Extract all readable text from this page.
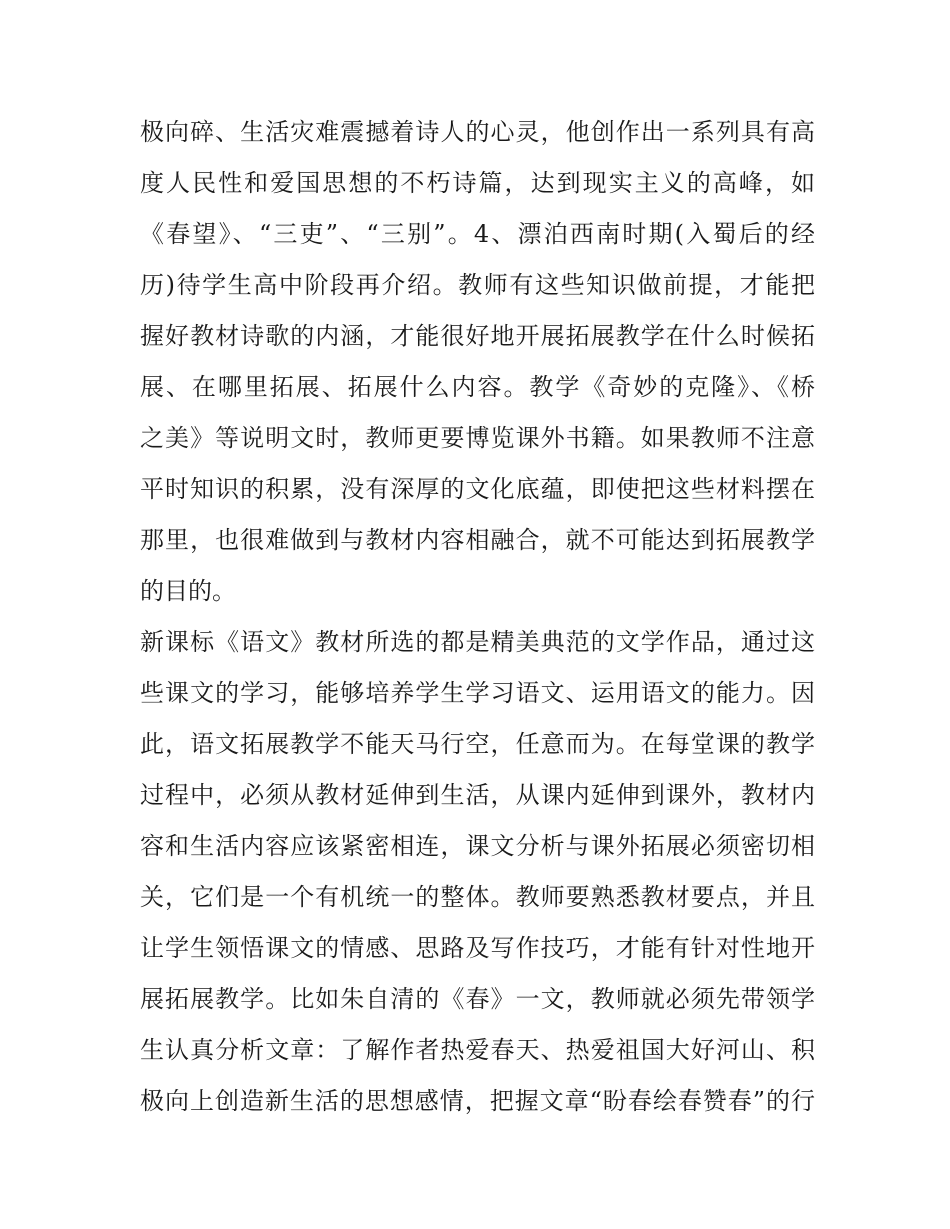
极向碎、生活灾难震撼着诗人的心灵，他创作出一系列具有高
度人民性和爱国思想的不朽诗篇，达到现实主义的高峰，如
《春望》、“三吏”、“三别”。4、漂泊西南时期(入蜀后的经
历)待学生高中阶段再介绍。教师有这些知识做前提，才能把
握好教材诗歌的内涵，才能很好地开展拓展教学在什么时候拓
展、在哪里拓展、拓展什么内容。教学《奇妙的克隆》、《桥
之美》等说明文时，教师更要博览课外书籍。如果教师不注意
平时知识的积累，没有深厚的文化底蕴，即使把这些材料摆在
那里，也很难做到与教材内容相融合，就不可能达到拓展教学
的目的。
新课标《语文》教材所选的都是精美典范的文学作品，通过这
些课文的学习，能够培养学生学习语文、运用语文的能力。因
此，语文拓展教学不能天马行空，任意而为。在每堂课的教学
过程中，必须从教材延伸到生活，从课内延伸到课外，教材内
容和生活内容应该紧密相连，课文分析与课外拓展必须密切相
关，它们是一个有机统一的整体。教师要熟悉教材要点，并且
让学生领悟课文的情感、思路及写作技巧，才能有针对性地开
展拓展教学。比如朱自清的《春》一文，教师就必须先带领学
生认真分析文章：了解作者热爱春天、热爱祖国大好河山、积
极向上创造新生活的思想感情，把握文章“盼春绘春赞春”的行
